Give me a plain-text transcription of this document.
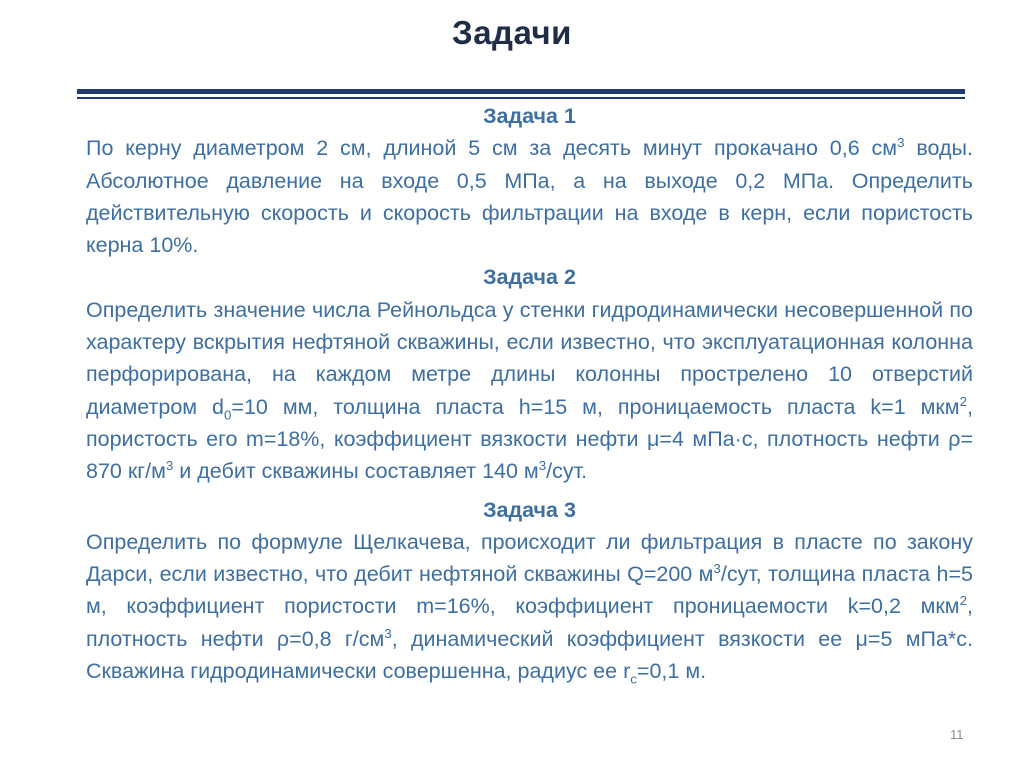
Задачи

Задача 1

По керну диаметром 2 см, длиной 5 см за десять минут прокачано 0,6 $см^3$ воды. Абсолютное давление на входе 0,5 МПа, а на выходе 0,2 МПа. Определить действительную скорость и скорость фильтрации на входе в керн, если пористость керна 10%.

Задача 2

Определить значение числа Рейнольдса у стенки гидродинамически несовершенной по характеру вскрытия нефтяной скважины, если известно, что эксплуатационная колонна перфорирована, на каждом метре длины колонны прострелено 10 отверстий диаметром $d_0=10$ мм, толщина пласта h=15 м, проницаемость пласта k=1 мкм$^2$, пористость его m=18%, коэффициент вязкости нефти μ=4 мПа·с, плотность нефти ρ= 870 $кг/м^3$ и дебит скважины составляет 140 $м^3$/сут.

Задача 3

Определить по формуле Щелкачева, происходит ли фильтрация в пласте по закону Дарси, если известно, что дебит нефтяной скважины Q=200 $м^3$/сут, толщина пласта h=5 м, коэффициент пористости m=16%, коэффициент проницаемости k=0,2 мкм$^2$, плотность нефти ρ=0,8 $г/см^3$, динамический коэффициент вязкости ее μ=5 мПа*с. Скважина гидродинамически совершенна, радиус ее $r_c=0,1$ м.

11
